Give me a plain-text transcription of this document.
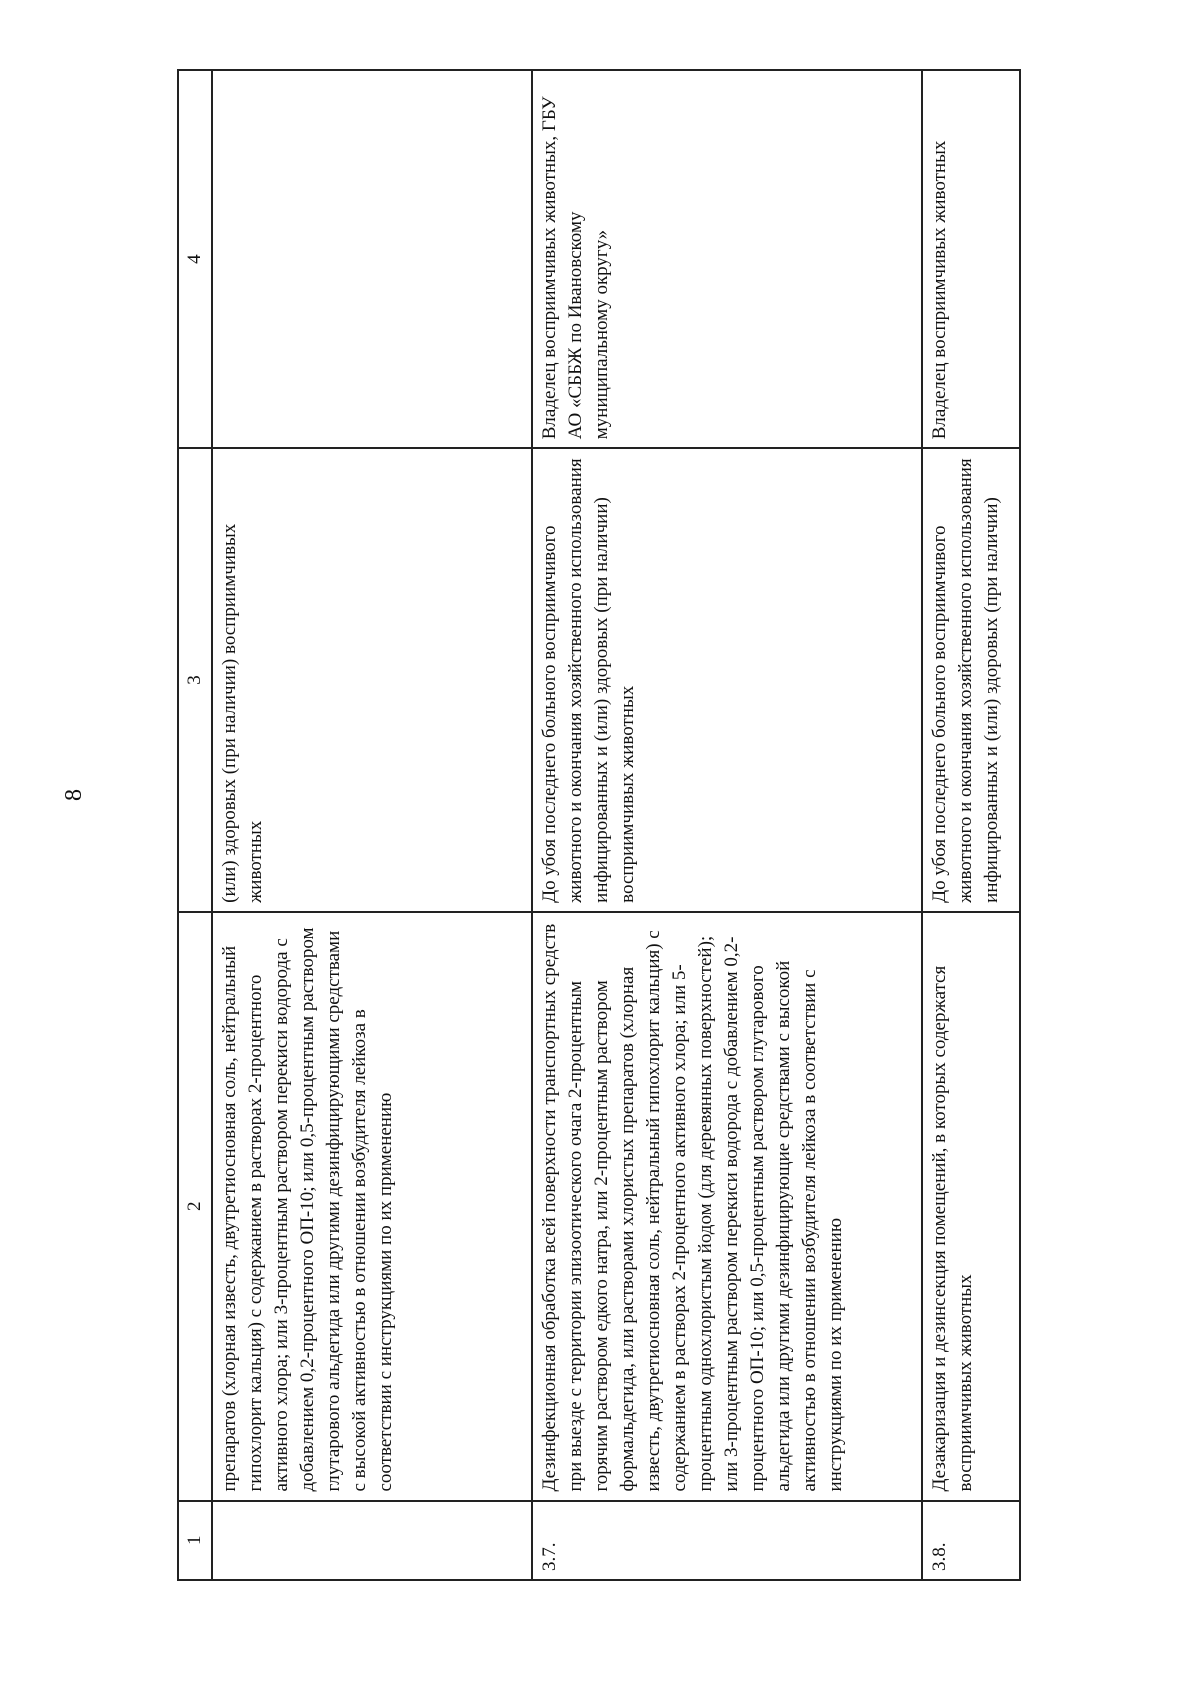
8
1	2	3	4
	препаратов (хлорная известь, двутретиосновная соль, нейтральный гипохлорит кальция) с содержанием в растворах 2-процентного активного хлора; или 3-процентным раствором перекиси водорода с добавлением 0,2-процентного ОП-10; или 0,5-процентным раствором глутарового альдегида или другими дезинфицирующими средствами с высокой активностью в отношении возбудителя лейкоза в соответствии с инструкциями по их применению	(или) здоровых (при наличии) восприимчивых животных	
3.7.	Дезинфекционная обработка всей поверхности транспортных средств при выезде с территории эпизоотического очага 2-процентным горячим раствором едкого натра, или 2-процентным раствором формальдегида, или растворами хлористых препаратов (хлорная известь, двутретиосновная соль, нейтральный гипохлорит кальция) с содержанием в растворах 2-процентного активного хлора; или 5-процентным однохлористым йодом (для деревянных поверхностей); или 3-процентным раствором перекиси водорода с добавлением 0,2-процентного ОП-10; или 0,5-процентным раствором глутарового альдегида или другими дезинфицирующие средствами с высокой активностью в отношении возбудителя лейкоза в соответствии с инструкциями по их применению	До убоя последнего больного восприимчивого животного и окончания хозяйственного использования инфицированных и (или) здоровых (при наличии) восприимчивых животных	Владелец восприимчивых животных, ГБУ АО «СББЖ по Ивановскому муниципальному округу»
3.8.	Дезакаризация и дезинсекция помещений, в которых содержатся восприимчивых животных	До убоя последнего больного восприимчивого животного и окончания хозяйственного использования инфицированных и (или) здоровых (при наличии)	Владелец восприимчивых животных
